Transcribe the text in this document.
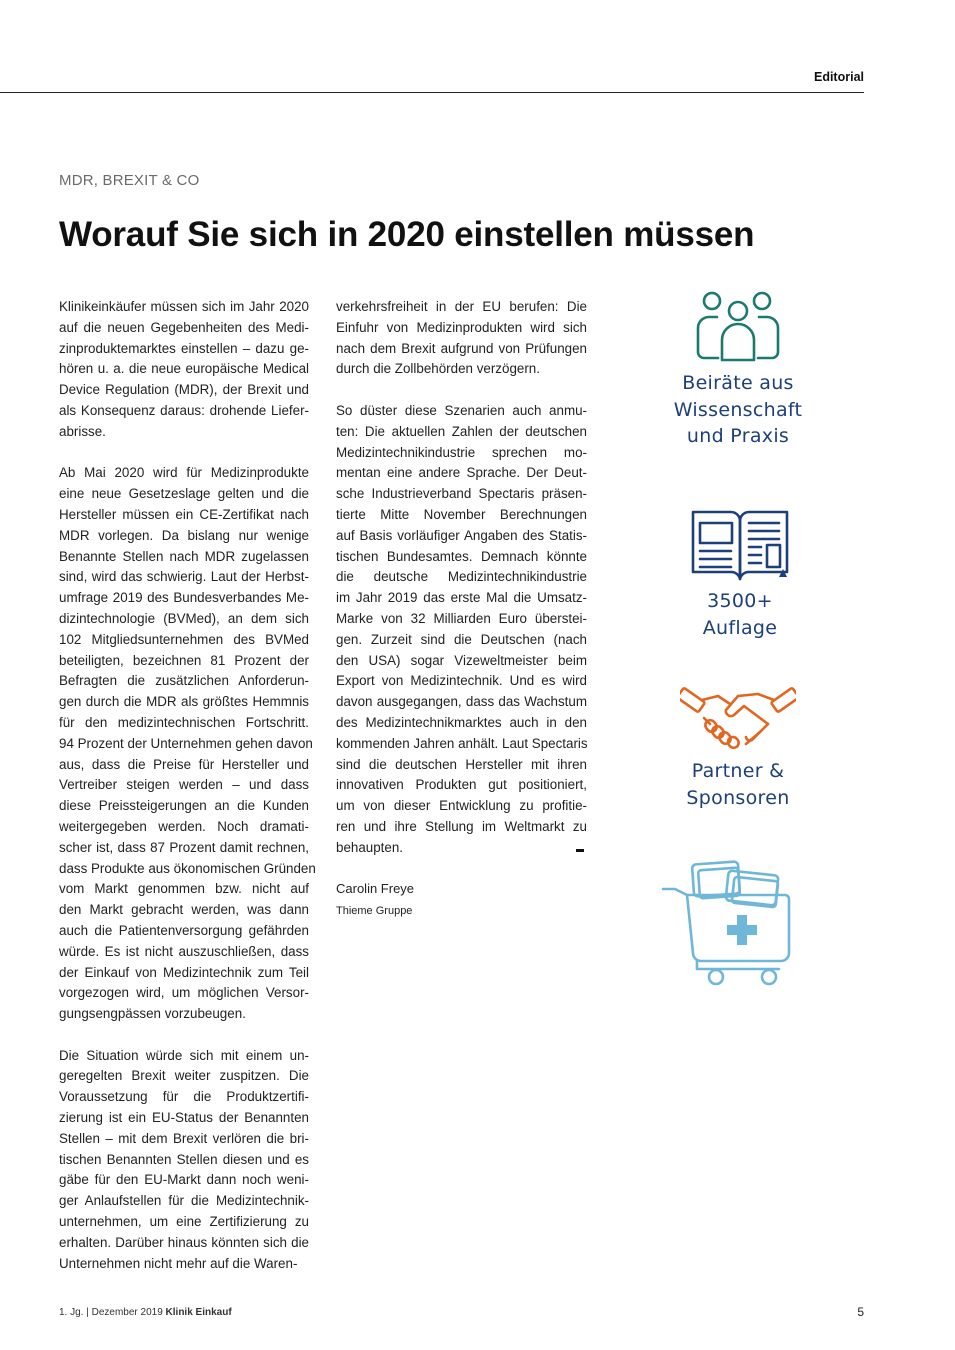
Editorial
MDR, BREXIT & CO
Worauf Sie sich in 2020 einstellen müssen

Klinikeinkäufer müssen sich im Jahr 2020
auf die neuen Gegebenheiten des Medi-
zinproduktemarktes einstellen – dazu ge-
hören u. a. die neue europäische Medical
Device Regulation (MDR), der Brexit und
als Konsequenz daraus: drohende Liefer-
abrisse.

Ab Mai 2020 wird für Medizinprodukte
eine neue Gesetzeslage gelten und die
Hersteller müssen ein CE-Zertifikat nach
MDR vorlegen. Da bislang nur wenige
Benannte Stellen nach MDR zugelassen
sind, wird das schwierig. Laut der Herbst-
umfrage 2019 des Bundesverbandes Me-
dizintechnologie (BVMed), an dem sich
102 Mitgliedsunternehmen des BVMed
beteiligten, bezeichnen 81 Prozent der
Befragten die zusätzlichen Anforderun-
gen durch die MDR als größtes Hemmnis
für den medizintechnischen Fortschritt.
94 Prozent der Unternehmen gehen davon
aus, dass die Preise für Hersteller und
Vertreiber steigen werden – und dass
diese Preissteigerungen an die Kunden
weitergegeben werden. Noch dramati-
scher ist, dass 87 Prozent damit rechnen,
dass Produkte aus ökonomischen Gründen
vom Markt genommen bzw. nicht auf
den Markt gebracht werden, was dann
auch die Patientenversorgung gefährden
würde. Es ist nicht auszuschließen, dass
der Einkauf von Medizintechnik zum Teil
vorgezogen wird, um möglichen Versor-
gungsengpässen vorzubeugen.

Die Situation würde sich mit einem un-
geregelten Brexit weiter zuspitzen. Die
Voraussetzung für die Produktzertifi-
zierung ist ein EU-Status der Benannten
Stellen – mit dem Brexit verlören die bri-
tischen Benannten Stellen diesen und es
gäbe für den EU-Markt dann noch weni-
ger Anlaufstellen für die Medizintechnik-
unternehmen, um eine Zertifizierung zu
erhalten. Darüber hinaus könnten sich die
Unternehmen nicht mehr auf die Waren-

verkehrsfreiheit in der EU berufen: Die
Einfuhr von Medizinprodukten wird sich
nach dem Brexit aufgrund von Prüfungen
durch die Zollbehörden verzögern.

So düster diese Szenarien auch anmu-
ten: Die aktuellen Zahlen der deutschen
Medizintechnikindustrie sprechen mo-
mentan eine andere Sprache. Der Deut-
sche Industrieverband Spectaris präsen-
tierte Mitte November Berechnungen
auf Basis vorläufiger Angaben des Statis-
tischen Bundesamtes. Demnach könnte
die deutsche Medizintechnikindustrie
im Jahr 2019 das erste Mal die Umsatz-
Marke von 32 Milliarden Euro überstei-
gen. Zurzeit sind die Deutschen (nach
den USA) sogar Vizeweltmeister beim
Export von Medizintechnik. Und es wird
davon ausgegangen, dass das Wachstum
des Medizintechnikmarktes auch in den
kommenden Jahren anhält. Laut Spectaris
sind die deutschen Hersteller mit ihren
innovativen Produkten gut positioniert,
um von dieser Entwicklung zu profitie-
ren und ihre Stellung im Weltmarkt zu
behaupten.

Carolin Freye
Thieme Gruppe
Beiräte aus
Wissenschaft
und Praxis
3500+
Auflage
Partner &
Sponsoren
1. Jg. | Dezember 2019 Klinik Einkauf	5
